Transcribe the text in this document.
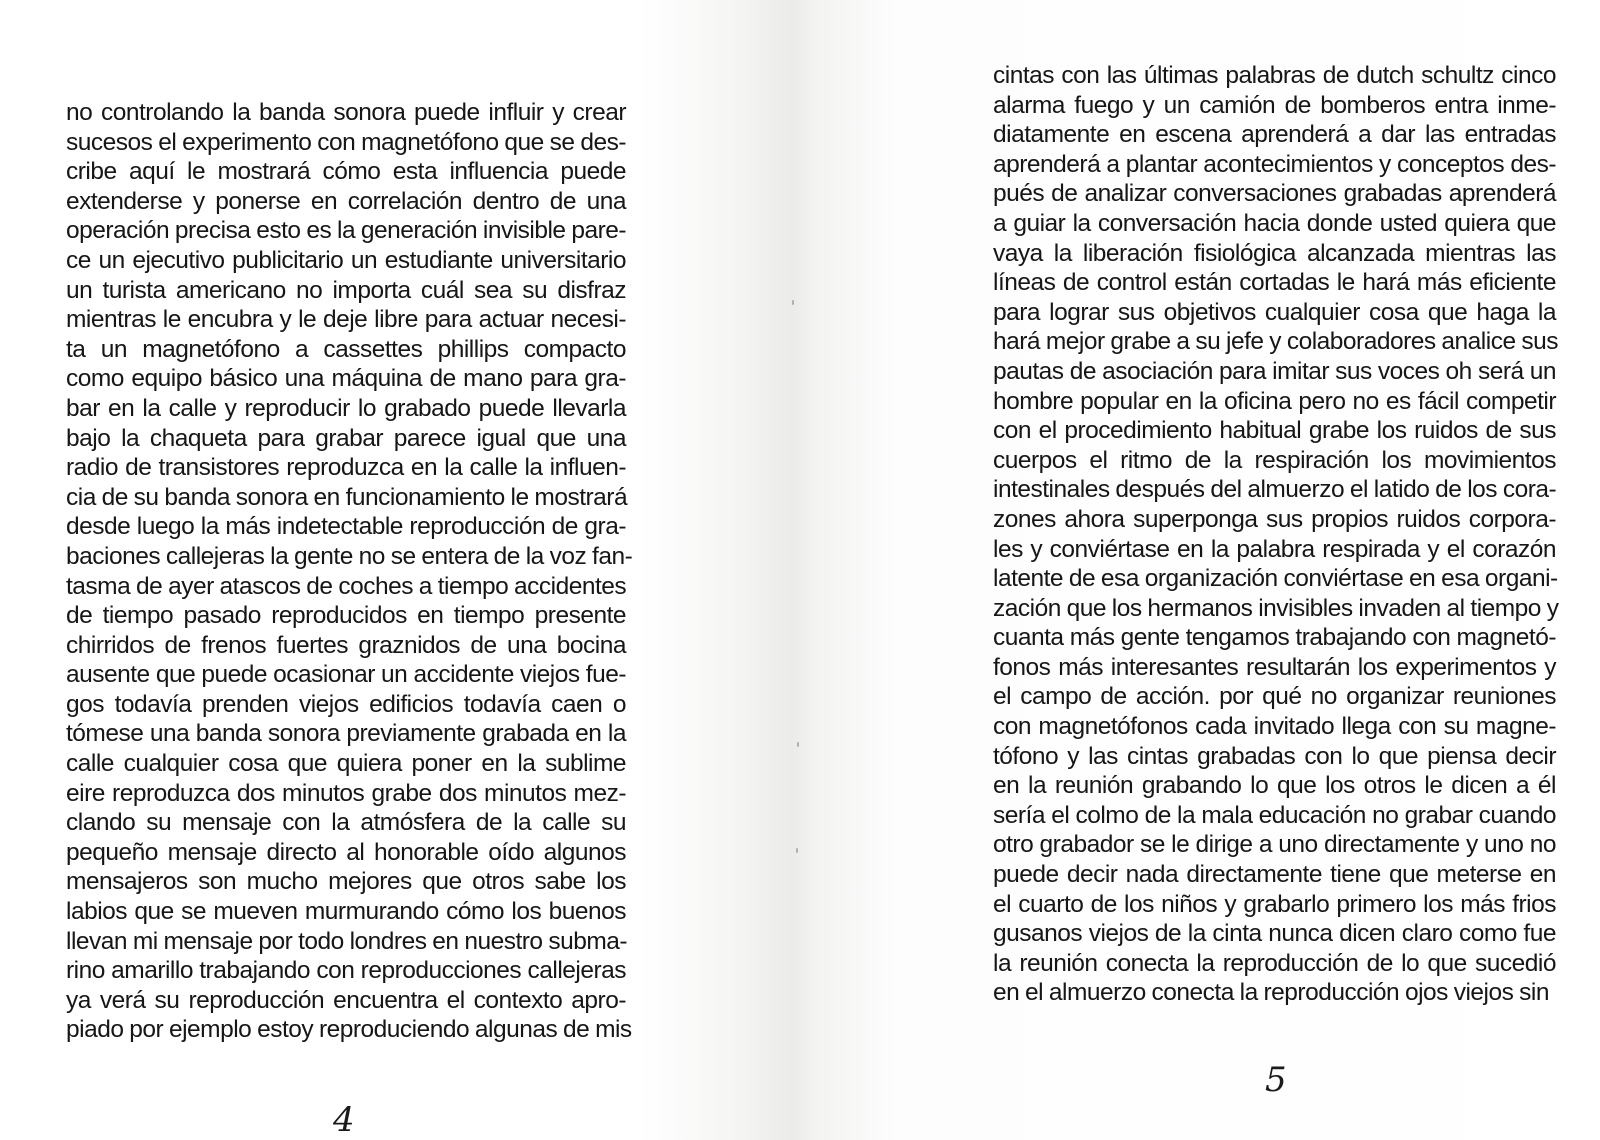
no controlando la banda sonora puede influir y crear
sucesos el experimento con magnetófono que se des-
cribe aquí le mostrará cómo esta influencia puede
extenderse y ponerse en correlación dentro de una
operación precisa esto es la generación invisible pare-
ce un ejecutivo publicitario un estudiante universitario
un turista americano no importa cuál sea su disfraz
mientras le encubra y le deje libre para actuar necesi-
ta un magnetófono a cassettes phillips compacto
como equipo básico una máquina de mano para gra-
bar en la calle y reproducir lo grabado puede llevarla
bajo la chaqueta para grabar parece igual que una
radio de transistores reproduzca en la calle la influen-
cia de su banda sonora en funcionamiento le mostrará
desde luego la más indetectable reproducción de gra-
baciones callejeras la gente no se entera de la voz fan-
tasma de ayer atascos de coches a tiempo accidentes
de tiempo pasado reproducidos en tiempo presente
chirridos de frenos fuertes graznidos de una bocina
ausente que puede ocasionar un accidente viejos fue-
gos todavía prenden viejos edificios todavía caen o
tómese una banda sonora previamente grabada en la
calle cualquier cosa que quiera poner en la sublime
eire reproduzca dos minutos grabe dos minutos mez-
clando su mensaje con la atmósfera de la calle su
pequeño mensaje directo al honorable oído algunos
mensajeros son mucho mejores que otros sabe los
labios que se mueven murmurando cómo los buenos
llevan mi mensaje por todo londres en nuestro subma-
rino amarillo trabajando con reproducciones callejeras
ya verá su reproducción encuentra el contexto apro-
piado por ejemplo estoy reproduciendo algunas de mis
4
cintas con las últimas palabras de dutch schultz cinco
alarma fuego y un camión de bomberos entra inme-
diatamente en escena aprenderá a dar las entradas
aprenderá a plantar acontecimientos y conceptos des-
pués de analizar conversaciones grabadas aprenderá
a guiar la conversación hacia donde usted quiera que
vaya la liberación fisiológica alcanzada mientras las
líneas de control están cortadas le hará más eficiente
para lograr sus objetivos cualquier cosa que haga la
hará mejor grabe a su jefe y colaboradores analice sus
pautas de asociación para imitar sus voces oh será un
hombre popular en la oficina pero no es fácil competir
con el procedimiento habitual grabe los ruidos de sus
cuerpos el ritmo de la respiración los movimientos
intestinales después del almuerzo el latido de los cora-
zones ahora superponga sus propios ruidos corpora-
les y conviértase en la palabra respirada y el corazón
latente de esa organización conviértase en esa organi-
zación que los hermanos invisibles invaden al tiempo y
cuanta más gente tengamos trabajando con magnetó-
fonos más interesantes resultarán los experimentos y
el campo de acción. por qué no organizar reuniones
con magnetófonos cada invitado llega con su magne-
tófono y las cintas grabadas con lo que piensa decir
en la reunión grabando lo que los otros le dicen a él
sería el colmo de la mala educación no grabar cuando
otro grabador se le dirige a uno directamente y uno no
puede decir nada directamente tiene que meterse en
el cuarto de los niños y grabarlo primero los más frios
gusanos viejos de la cinta nunca dicen claro como fue
la reunión conecta la reproducción de lo que sucedió
en el almuerzo conecta la reproducción ojos viejos sin
5
